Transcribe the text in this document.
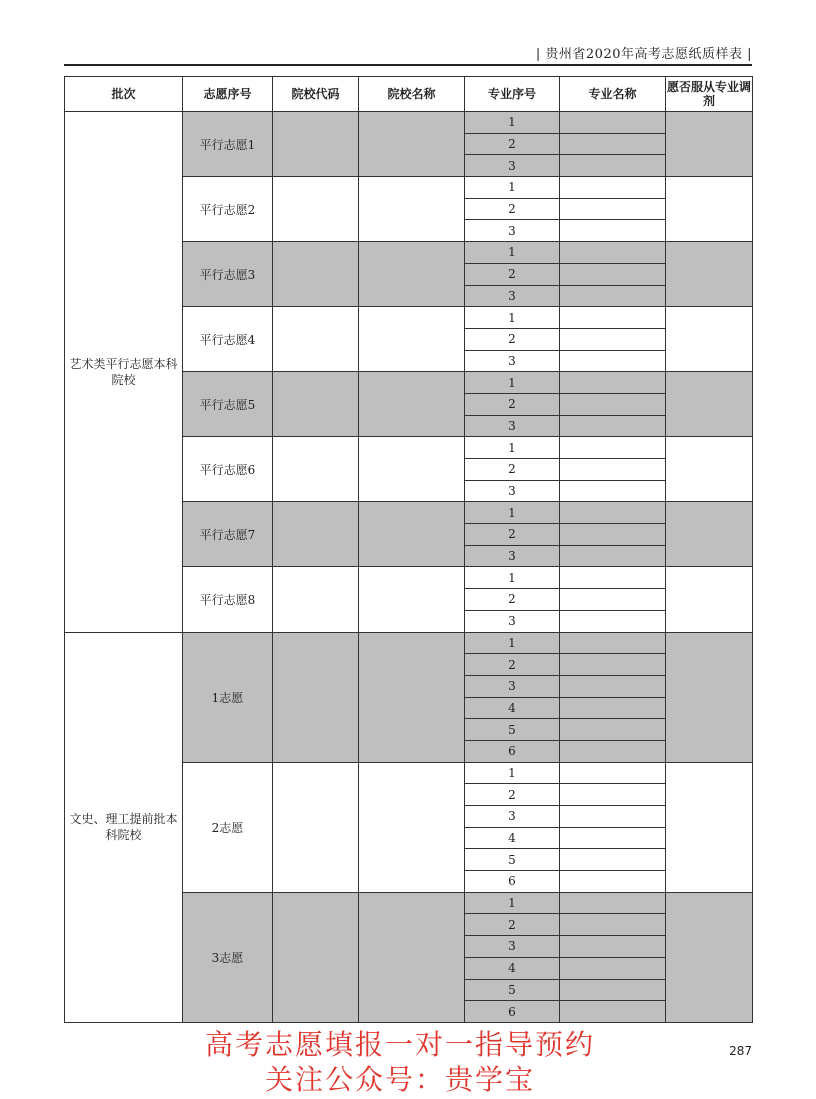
| 贵州省2020年高考志愿纸质样表 |
批次	志愿序号	院校代码	院校名称	专业序号	专业名称	愿否服从专业调剂
艺术类平行志愿本科院校	平行志愿1			1		
				2		
				3		
	平行志愿2			1		
				2		
				3		
	平行志愿3			1		
				2		
				3		
	平行志愿4			1		
				2		
				3		
	平行志愿5			1		
				2		
				3		
	平行志愿6			1		
				2		
				3		
	平行志愿7			1		
				2		
				3		
	平行志愿8			1		
				2		
				3		
文史、理工提前批本科院校	1志愿			1		
				2		
				3		
				4		
				5		
				6		
	2志愿			1		
				2		
				3		
				4		
				5		
				6		
	3志愿			1		
				2		
				3		
				4		
				5		
				6		
287
高考志愿填报一对一指导预约
关注公众号：贵学宝
